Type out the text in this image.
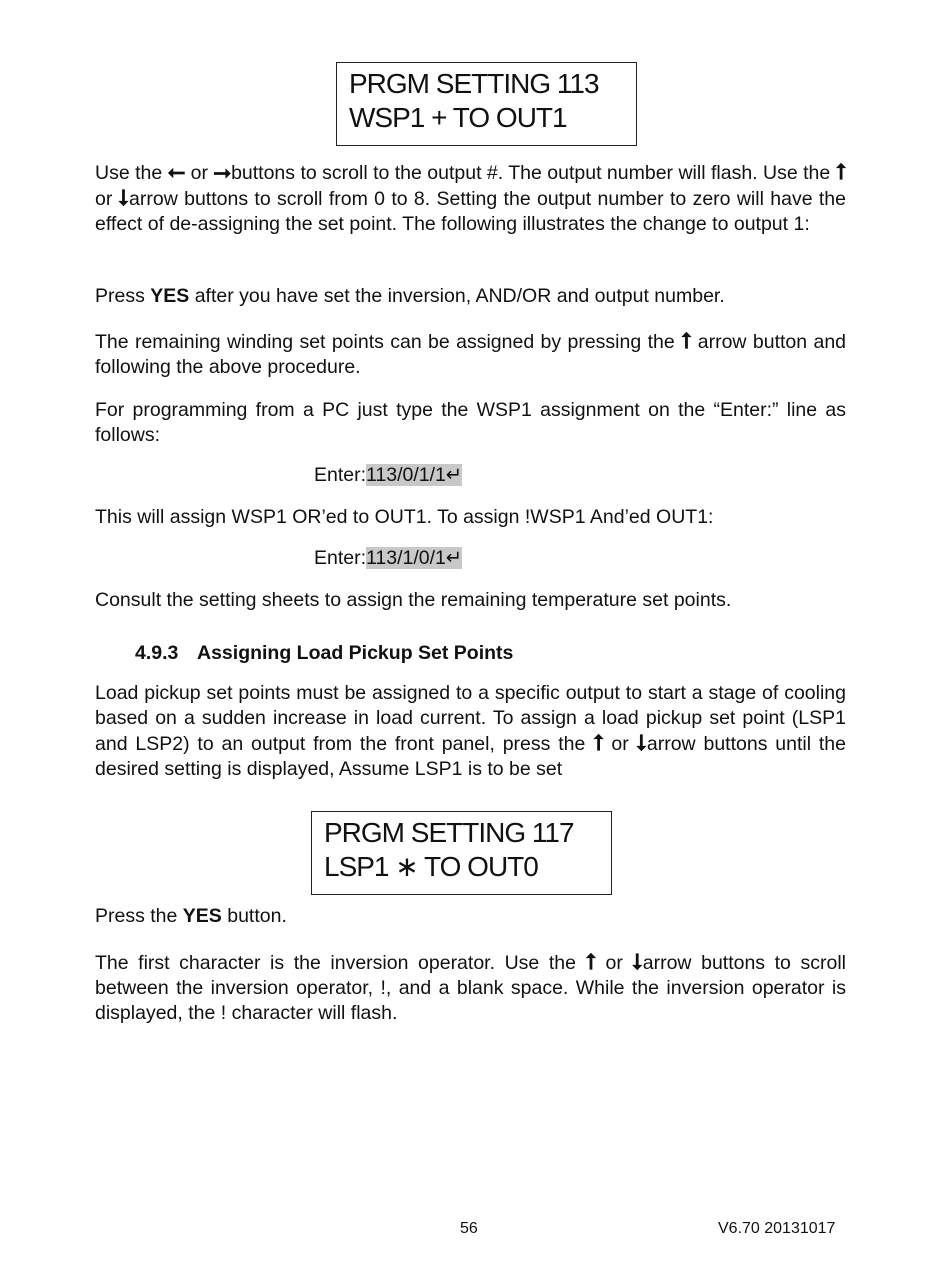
PRGM SETTING 113
WSP1 + TO OUT1

Use the ⭠ or ⭢buttons to scroll to the output #. The output number will flash. Use the ⭡ or ⭣arrow buttons to scroll from 0 to 8. Setting the output number to zero will have the effect of de-assigning the set point. The following illustrates the change to output 1:

Press YES after you have set the inversion, AND/OR and output number.

The remaining winding set points can be assigned by pressing the ⭡ arrow button and following the above procedure.

For programming from a PC just type the WSP1 assignment on the “Enter:” line as follows:

Enter:113/0/1/1↵

This will assign WSP1 OR’ed to OUT1. To assign !WSP1 And’ed OUT1:

Enter:113/1/0/1↵

Consult the setting sheets to assign the remaining temperature set points.

4.9.3 Assigning Load Pickup Set Points

Load pickup set points must be assigned to a specific output to start a stage of cooling based on a sudden increase in load current. To assign a load pickup set point (LSP1 and LSP2) to an output from the front panel, press the ⭡ or ⭣arrow buttons until the desired setting is displayed, Assume LSP1 is to be set

PRGM SETTING 117
LSP1 ∗ TO OUT0

Press the YES button.

The first character is the inversion operator. Use the ⭡ or ⭣arrow buttons to scroll between the inversion operator, !, and a blank space. While the inversion operator is displayed, the ! character will flash.

56	V6.70 20131017
